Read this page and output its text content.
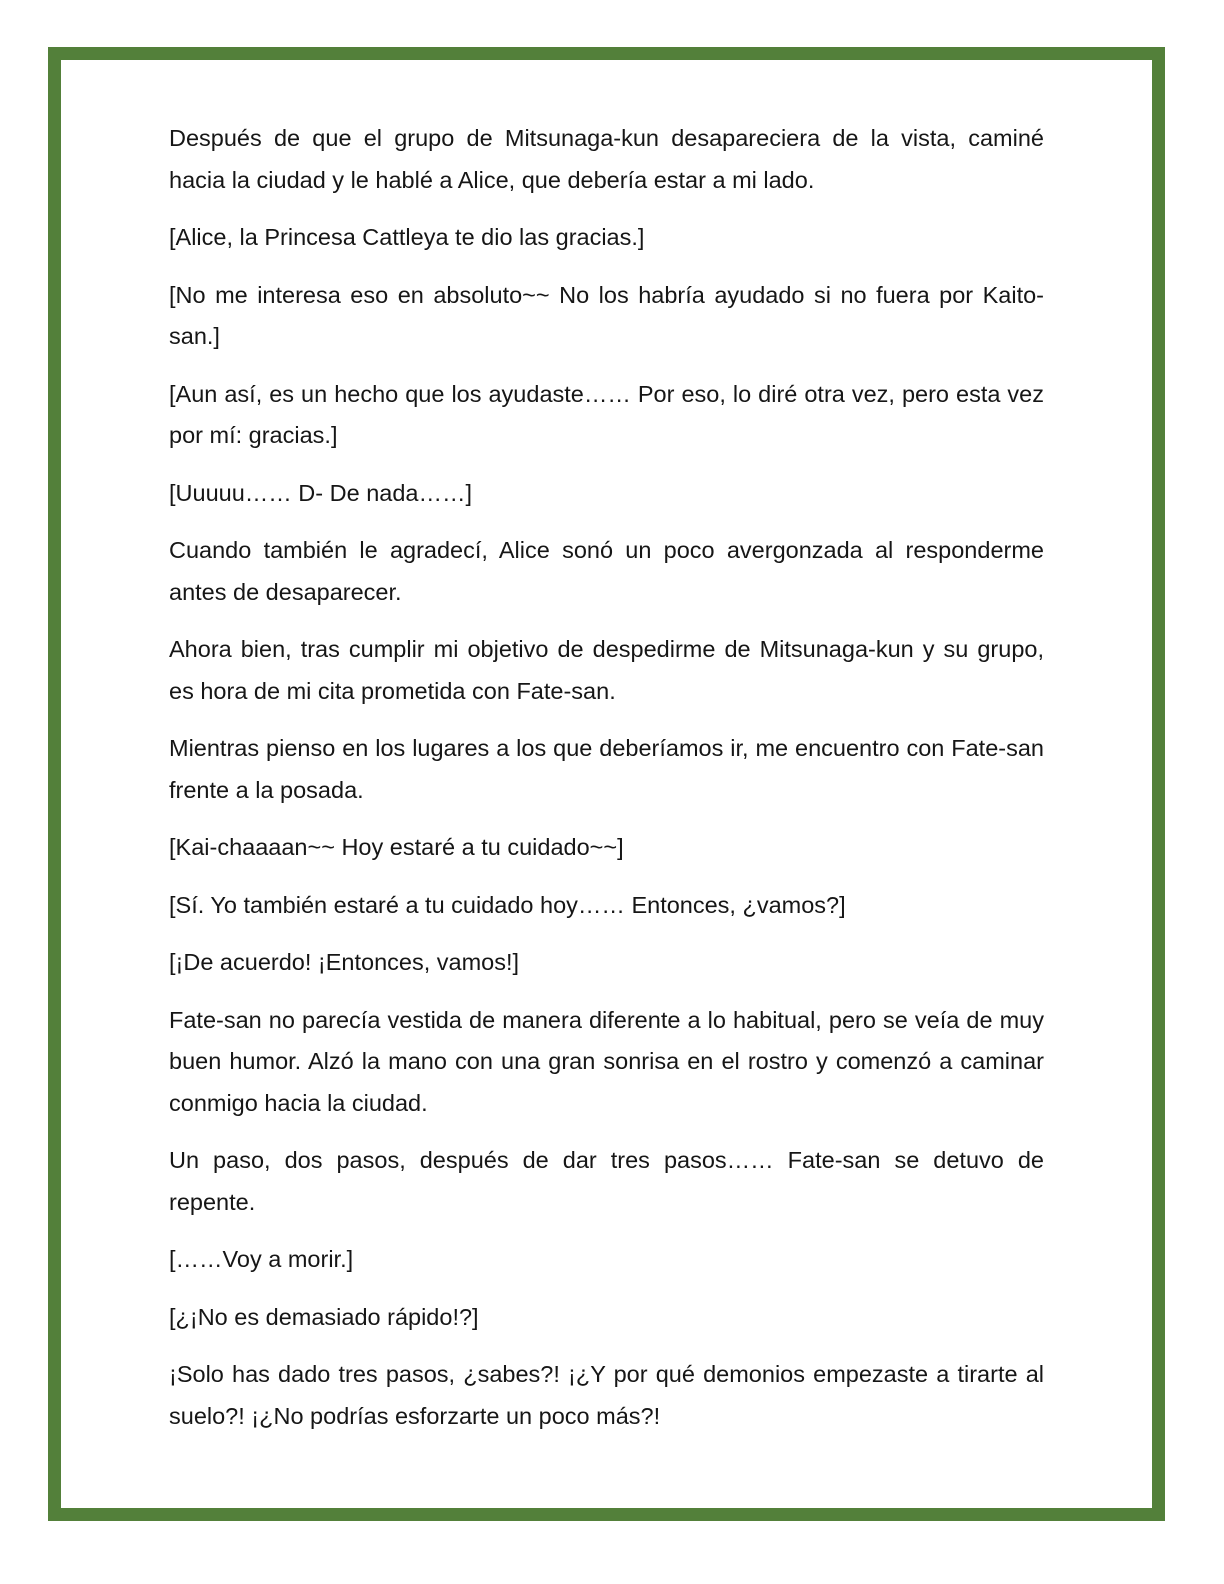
Después de que el grupo de Mitsunaga-kun desapareciera de la vista, caminé hacia la ciudad y le hablé a Alice, que debería estar a mi lado.

[Alice, la Princesa Cattleya te dio las gracias.]

[No me interesa eso en absoluto~~ No los habría ayudado si no fuera por Kaito-san.]

[Aun así, es un hecho que los ayudaste…… Por eso, lo diré otra vez, pero esta vez por mí: gracias.]

[Uuuuu…… D- De nada……]

Cuando también le agradecí, Alice sonó un poco avergonzada al responderme antes de desaparecer.

Ahora bien, tras cumplir mi objetivo de despedirme de Mitsunaga-kun y su grupo, es hora de mi cita prometida con Fate-san.

Mientras pienso en los lugares a los que deberíamos ir, me encuentro con Fate-san frente a la posada.

[Kai-chaaaan~~ Hoy estaré a tu cuidado~~]

[Sí. Yo también estaré a tu cuidado hoy…… Entonces, ¿vamos?]

[¡De acuerdo! ¡Entonces, vamos!]

Fate-san no parecía vestida de manera diferente a lo habitual, pero se veía de muy buen humor. Alzó la mano con una gran sonrisa en el rostro y comenzó a caminar conmigo hacia la ciudad.

Un paso, dos pasos, después de dar tres pasos…… Fate-san se detuvo de repente.

[……Voy a morir.]

[¿¡No es demasiado rápido!?]

¡Solo has dado tres pasos, ¿sabes?! ¡¿Y por qué demonios empezaste a tirarte al suelo?! ¡¿No podrías esforzarte un poco más?!
